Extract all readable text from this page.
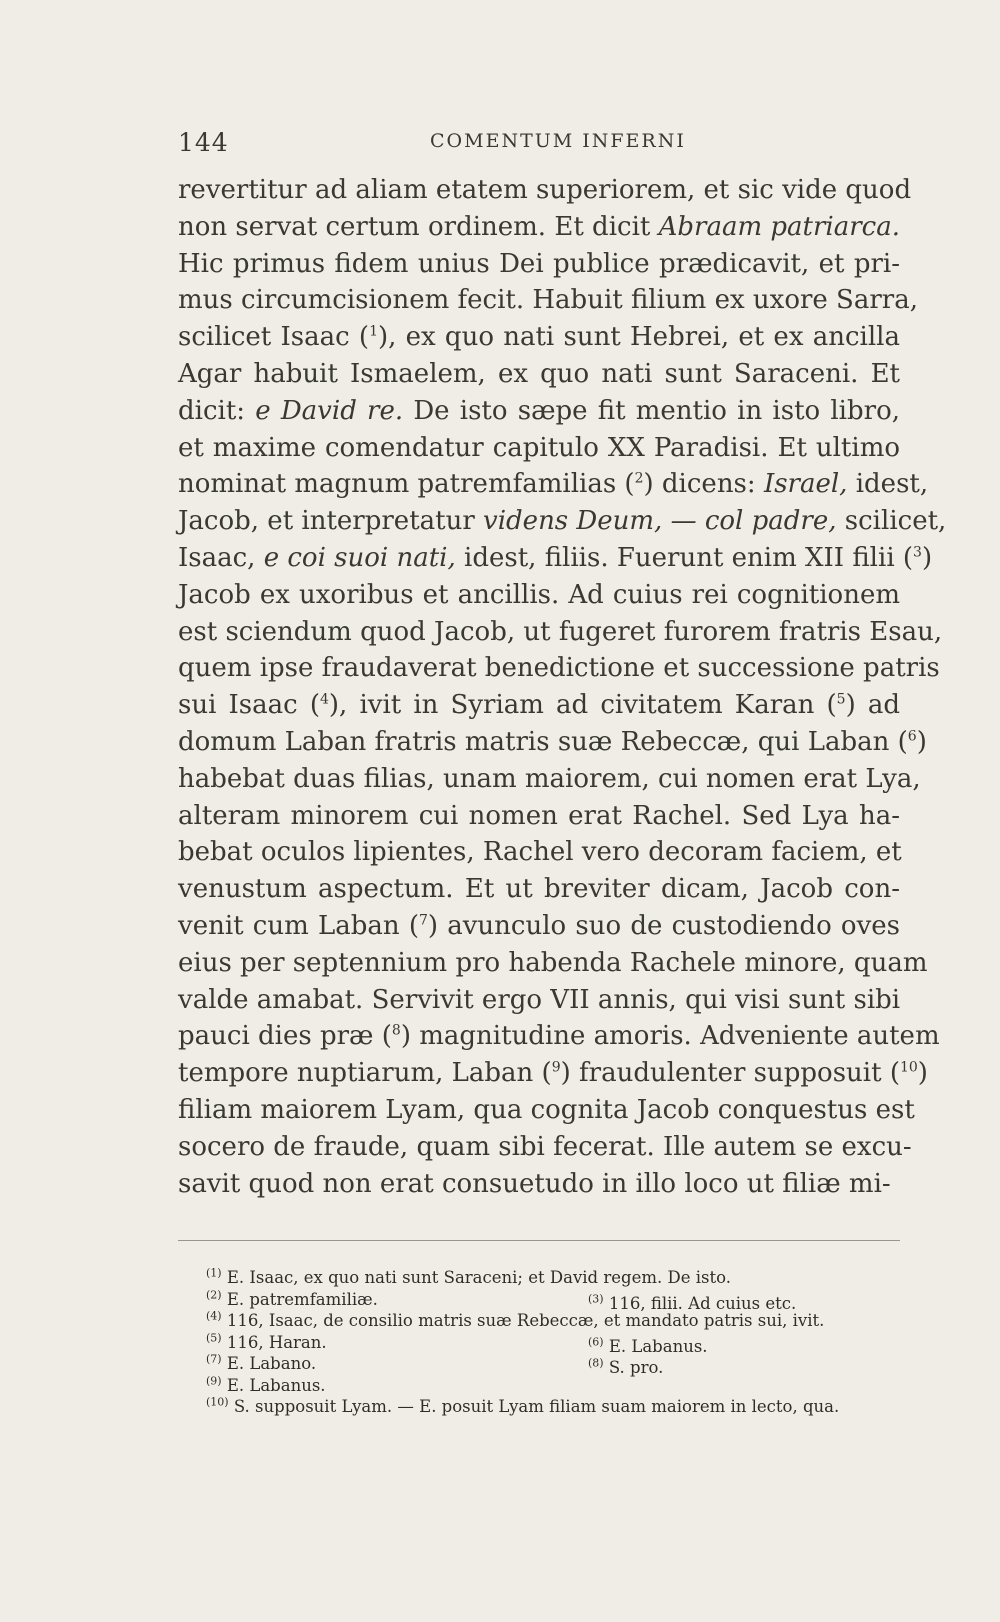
144	COMENTUM INFERNI
revertitur ad aliam etatem superiorem, et sic vide quod
non servat certum ordinem. Et dicit Abraam patriarca.
Hic primus fidem unius Dei publice prædicavit, et pri-
mus circumcisionem fecit. Habuit filium ex uxore Sarra,
scilicet Isaac ($^1$), ex quo nati sunt Hebrei, et ex ancilla
Agar habuit Ismaelem, ex quo nati sunt Saraceni. Et
dicit: e David re. De isto sæpe fit mentio in isto libro,
et maxime comendatur capitulo XX Paradisi. Et ultimo
nominat magnum patremfamilias ($^2$) dicens: Israel, idest,
Jacob, et interpretatur videns Deum, — col padre, scilicet,
Isaac, e coi suoi nati, idest, filiis. Fuerunt enim XII filii ($^3$)
Jacob ex uxoribus et ancillis. Ad cuius rei cognitionem
est sciendum quod Jacob, ut fugeret furorem fratris Esau,
quem ipse fraudaverat benedictione et successione patris
sui Isaac ($^4$), ivit in Syriam ad civitatem Karan ($^5$) ad
domum Laban fratris matris suæ Rebeccæ, qui Laban ($^6$)
habebat duas filias, unam maiorem, cui nomen erat Lya,
alteram minorem cui nomen erat Rachel. Sed Lya ha-
bebat oculos lipientes, Rachel vero decoram faciem, et
venustum aspectum. Et ut breviter dicam, Jacob con-
venit cum Laban ($^7$) avunculo suo de custodiendo oves
eius per septennium pro habenda Rachele minore, quam
valde amabat. Servivit ergo VII annis, qui visi sunt sibi
pauci dies præ ($^8$) magnitudine amoris. Adveniente autem
tempore nuptiarum, Laban ($^9$) fraudulenter supposuit ($^{10}$)
filiam maiorem Lyam, qua cognita Jacob conquestus est
socero de fraude, quam sibi fecerat. Ille autem se excu-
savit quod non erat consuetudo in illo loco ut filiæ mi-
$^{(1)}$ E. Isaac, ex quo nati sunt Saraceni; et David regem. De isto.
$^{(2)}$ E. patremfamiliæ.	$^{(3)}$ 116, filii. Ad cuius etc.
$^{(4)}$ 116, Isaac, de consilio matris suæ Rebeccæ, et mandato patris sui, ivit.
$^{(5)}$ 116, Haran.	$^{(6)}$ E. Labanus.
$^{(7)}$ E. Labano.	$^{(8)}$ S. pro.
$^{(9)}$ E. Labanus.
$^{(10)}$ S. supposuit Lyam. — E. posuit Lyam filiam suam maiorem in lecto, qua.
